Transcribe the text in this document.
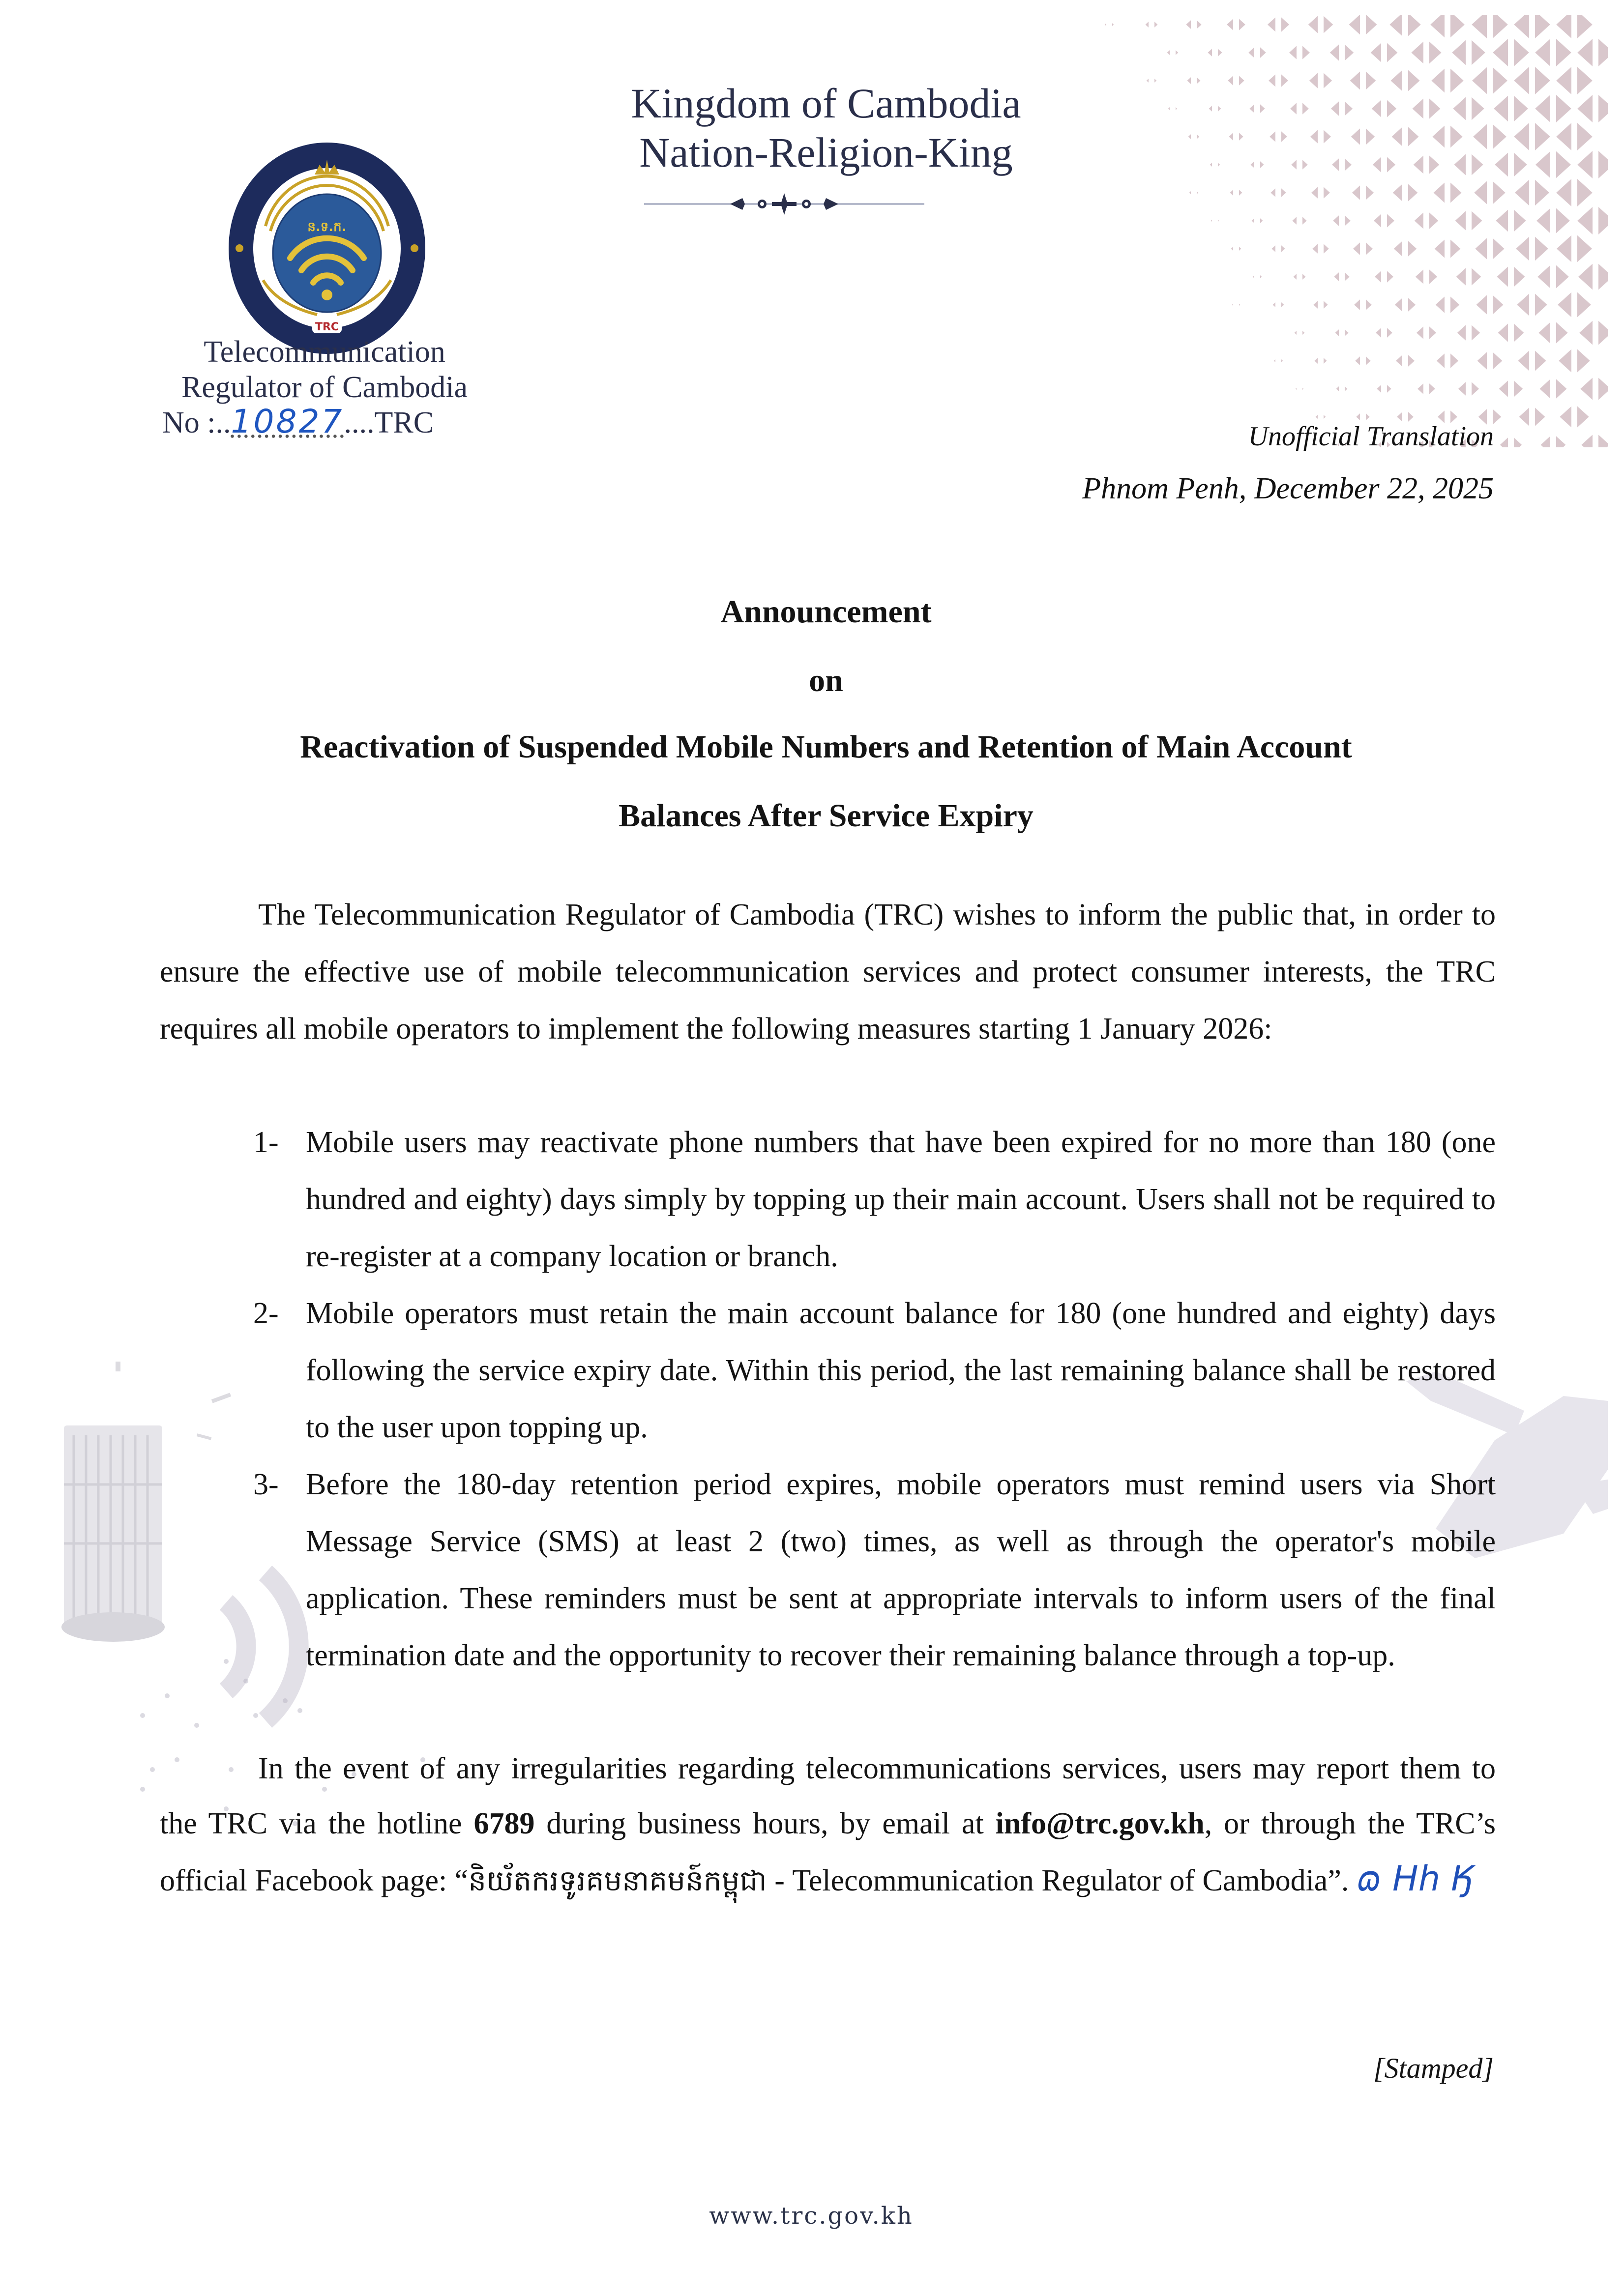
Kingdom of Cambodia
Nation-Religion-King
ន.ទ.ក.
TRC
Telecommunication
Regulator of Cambodia
No :..10827....TRC	Unofficial Translation
Phnom Penh, December 22, 2025
Announcement
on
Reactivation of Suspended Mobile Numbers and Retention of Main Account
Balances After Service Expiry
The Telecommunication Regulator of Cambodia (TRC) wishes to inform the public that, in order to ensure the effective use of mobile telecommunication services and protect consumer interests, the TRC requires all mobile operators to implement the following measures starting 1 January 2026:
1- Mobile users may reactivate phone numbers that have been expired for no more than 180 (one hundred and eighty) days simply by topping up their main account. Users shall not be required to re-register at a company location or branch.
2- Mobile operators must retain the main account balance for 180 (one hundred and eighty) days following the service expiry date. Within this period, the last remaining balance shall be restored to the user upon topping up.
3- Before the 180-day retention period expires, mobile operators must remind users via Short Message Service (SMS) at least 2 (two) times, as well as through the operator's mobile application. These reminders must be sent at appropriate intervals to inform users of the final termination date and the opportunity to recover their remaining balance through a top-up.
In the event of any irregularities regarding telecommunications services, users may report them to the TRC via the hotline 6789 during business hours, by email at info@trc.gov.kh, or through the TRC’s official Facebook page: “និយ័តករទូរគមនាគមន៍កម្ពុជា - Telecommunication Regulator of Cambodia”. ɷ Hh Ӄ
[Stamped]
www.trc.gov.kh
